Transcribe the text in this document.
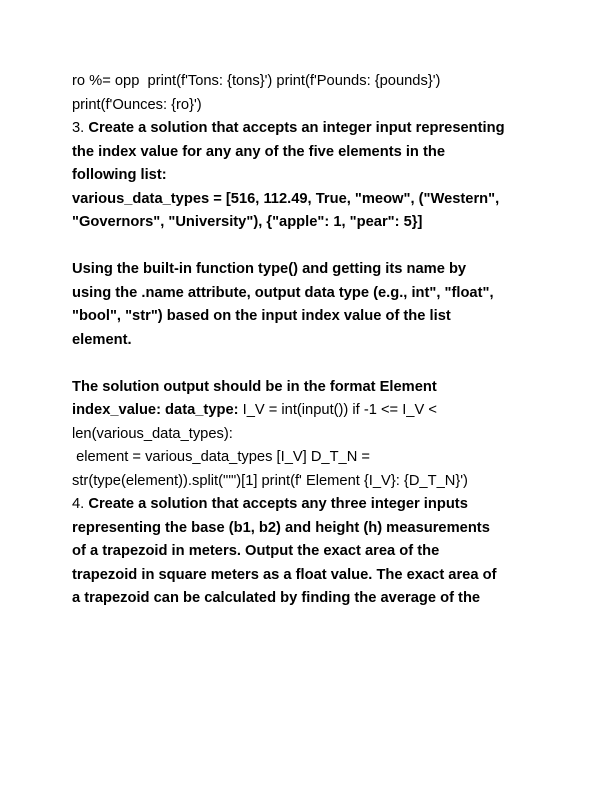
ro %= opp  print(f'Tons: {tons}') print(f'Pounds: {pounds}')
print(f'Ounces: {ro}')
3. Create a solution that accepts an integer input representing
the index value for any any of the five elements in the
following list:
various_data_types = [516, 112.49, True, "meow", ("Western",
"Governors", "University"), {"apple": 1, "pear": 5}]
Using the built-in function type() and getting its name by
using the .name attribute, output data type (e.g., int", "float",
"bool", "str") based on the input index value of the list
element.
The solution output should be in the format Element
index_value: data_type: I_V = int(input()) if -1 <= I_V <
len(various_data_types):
element = various_data_types [I_V] D_T_N =
str(type(element)).split("'")[1] print(f' Element {I_V}: {D_T_N}')
4. Create a solution that accepts any three integer inputs
representing the base (b1, b2) and height (h) measurements
of a trapezoid in meters. Output the exact area of the
trapezoid in square meters as a float value. The exact area of
a trapezoid can be calculated by finding the average of the
